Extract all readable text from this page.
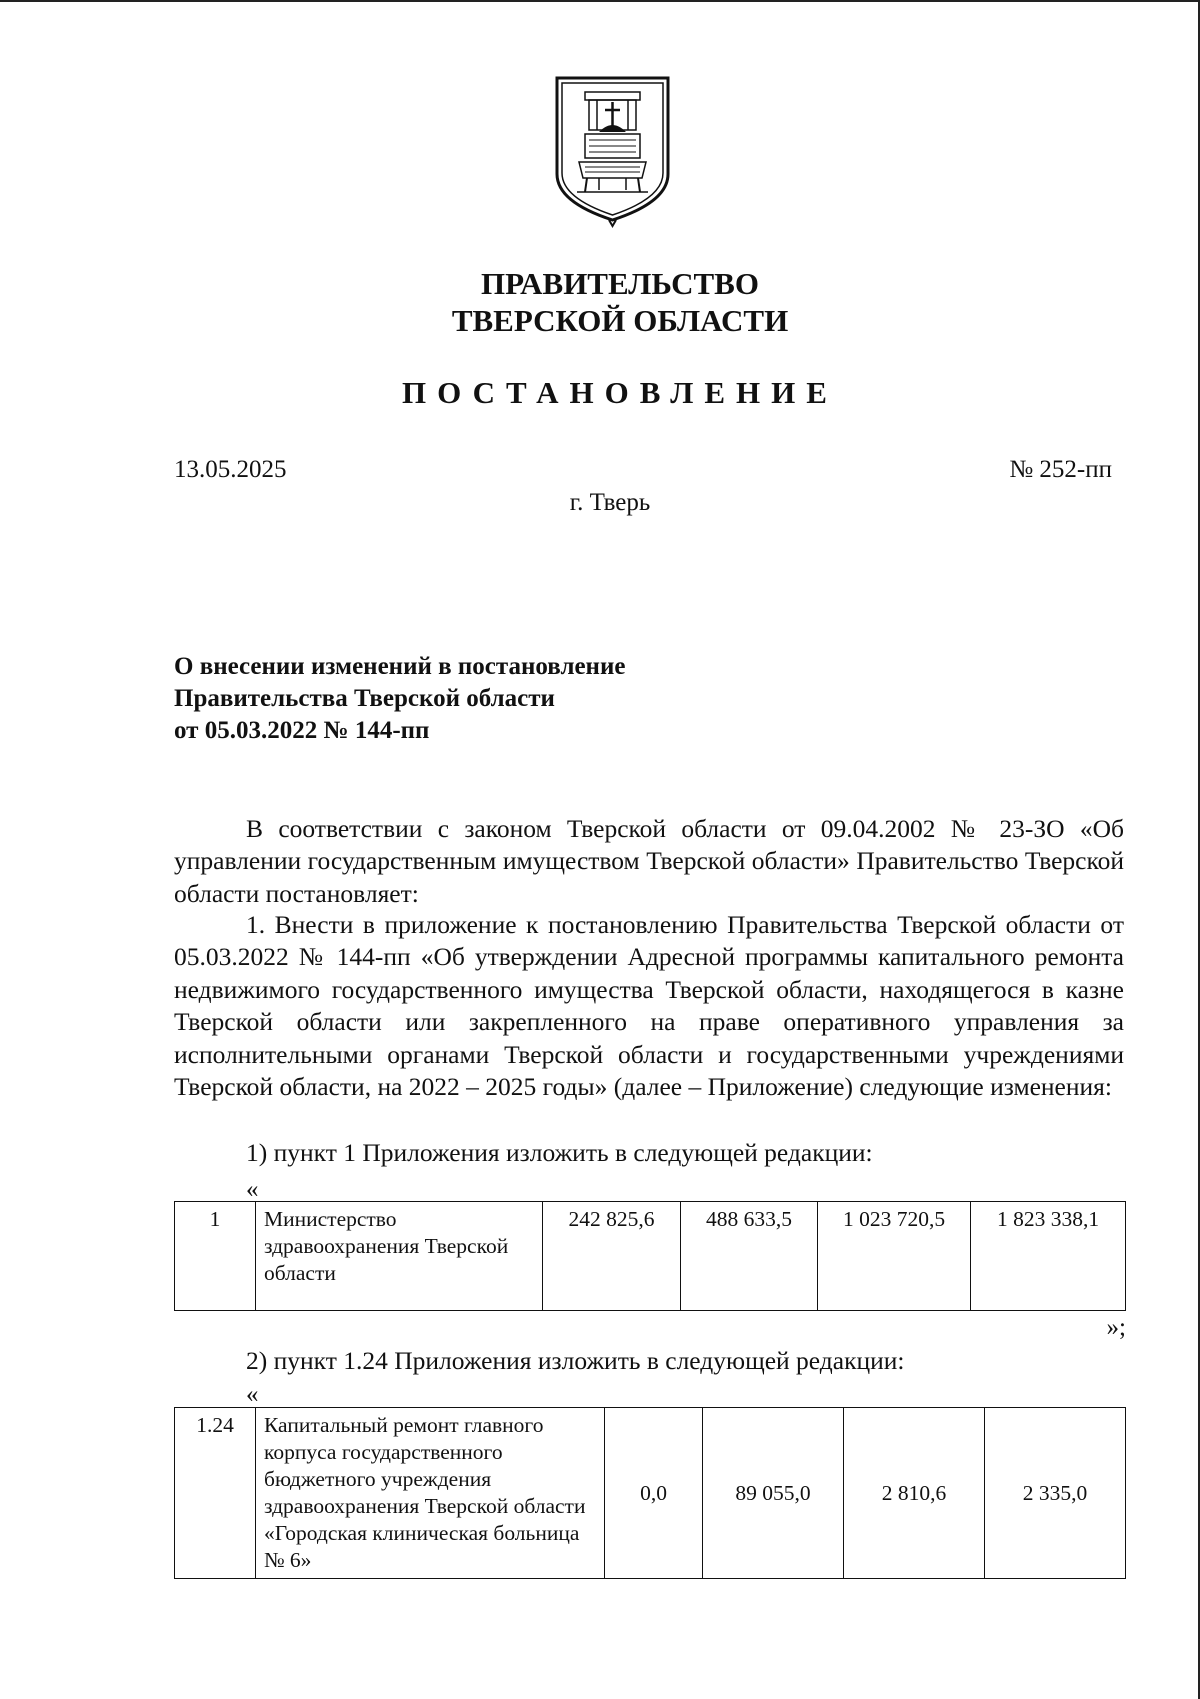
ПРАВИТЕЛЬСТВО
ТВЕРСКОЙ ОБЛАСТИ
ПОСТАНОВЛЕНИЕ
13.05.2025	№ 252-пп
г. Тверь
О внесении изменений в постановление
Правительства Тверской области
от 05.03.2022 № 144-пп

В соответствии с законом Тверской области от 09.04.2002 № 23-ЗО «Об управлении государственным имуществом Тверской области» Правительство Тверской области постановляет:

1. Внести в приложение к постановлению Правительства Тверской области от 05.03.2022 № 144-пп «Об утверждении Адресной программы капитального ремонта недвижимого государственного имущества Тверской области, находящегося в казне Тверской области или закрепленного на праве оперативного управления за исполнительными органами Тверской области и государственными учреждениями Тверской области, на 2022 – 2025 годы» (далее – Приложение) следующие изменения:

1) пункт 1 Приложения изложить в следующей редакции:

«
1	Министерство здравоохранения Тверской области	242 825,6	488 633,5	1 023 720,5	1 823 338,1
»;
2) пункт 1.24 Приложения изложить в следующей редакции:
«
1.24	Капитальный ремонт главного корпуса государственного бюджетного учреждения здравоохранения Тверской области «Городская клиническая больница № 6»	0,0	89 055,0	2 810,6	2 335,0
